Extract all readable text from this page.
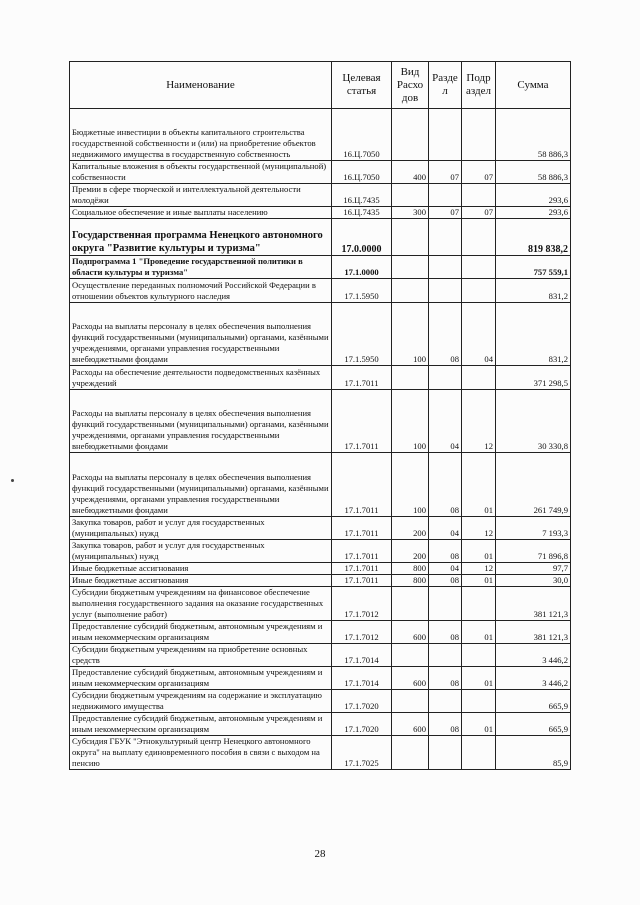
Наименование	Целевая статья	Вид Расхо дов	Разде л	Подр аздел	Сумма
Бюджетные инвестиции в объекты капитального строительства государственной собственности и (или) на приобретение объектов недвижимого имущества в государственную собственность	16.Ц.7050				58 886,3
Капитальные вложения в объекты государственной (муниципальной) собственности	16.Ц.7050	400	07	07	58 886,3
Премии в сфере творческой и интеллектуальной деятельности молодёжи	16.Ц.7435				293,6
Социальное обеспечение и иные выплаты населению	16.Ц.7435	300	07	07	293,6
Государственная программа Ненецкого автономного округа "Развитие культуры и туризма"	17.0.0000				819 838,2
Подпрограмма 1 "Проведение государственной политики в области культуры и туризма"	17.1.0000				757 559,1
Осуществление переданных полномочий Российской Федерации в отношении объектов культурного наследия	17.1.5950				831,2
Расходы на выплаты персоналу в целях обеспечения выполнения функций государственными (муниципальными) органами, казёнными учреждениями, органами управления государственными внебюджетными фондами	17.1.5950	100	08	04	831,2
Расходы на обеспечение деятельности подведомственных казённых учреждений	17.1.7011				371 298,5
Расходы на выплаты персоналу в целях обеспечения выполнения функций государственными (муниципальными) органами, казёнными учреждениями, органами управления государственными внебюджетными фондами	17.1.7011	100	04	12	30 330,8
Расходы на выплаты персоналу в целях обеспечения выполнения функций государственными (муниципальными) органами, казёнными учреждениями, органами управления государственными внебюджетными фондами	17.1.7011	100	08	01	261 749,9
Закупка товаров, работ и услуг для государственных (муниципальных) нужд	17.1.7011	200	04	12	7 193,3
Закупка товаров, работ и услуг для государственных (муниципальных) нужд	17.1.7011	200	08	01	71 896,8
Иные бюджетные ассигнования	17.1.7011	800	04	12	97,7
Иные бюджетные ассигнования	17.1.7011	800	08	01	30,0
Субсидии бюджетным учреждениям на финансовое обеспечение выполнения государственного задания на оказание государственных услуг (выполнение работ)	17.1.7012				381 121,3
Предоставление субсидий бюджетным, автономным учреждениям и иным некоммерческим организациям	17.1.7012	600	08	01	381 121,3
Субсидии бюджетным учреждениям на приобретение основных средств	17.1.7014				3 446,2
Предоставление субсидий бюджетным, автономным учреждениям и иным некоммерческим организациям	17.1.7014	600	08	01	3 446,2
Субсидии бюджетным учреждениям на содержание и эксплуатацию недвижимого имущества	17.1.7020				665,9
Предоставление субсидий бюджетным, автономным учреждениям и иным некоммерческим организациям	17.1.7020	600	08	01	665,9
Субсидия ГБУК "Этнокультурный центр Ненецкого автономного округа" на выплату единовременного пособия в связи с выходом на пенсию	17.1.7025				85,9
28
